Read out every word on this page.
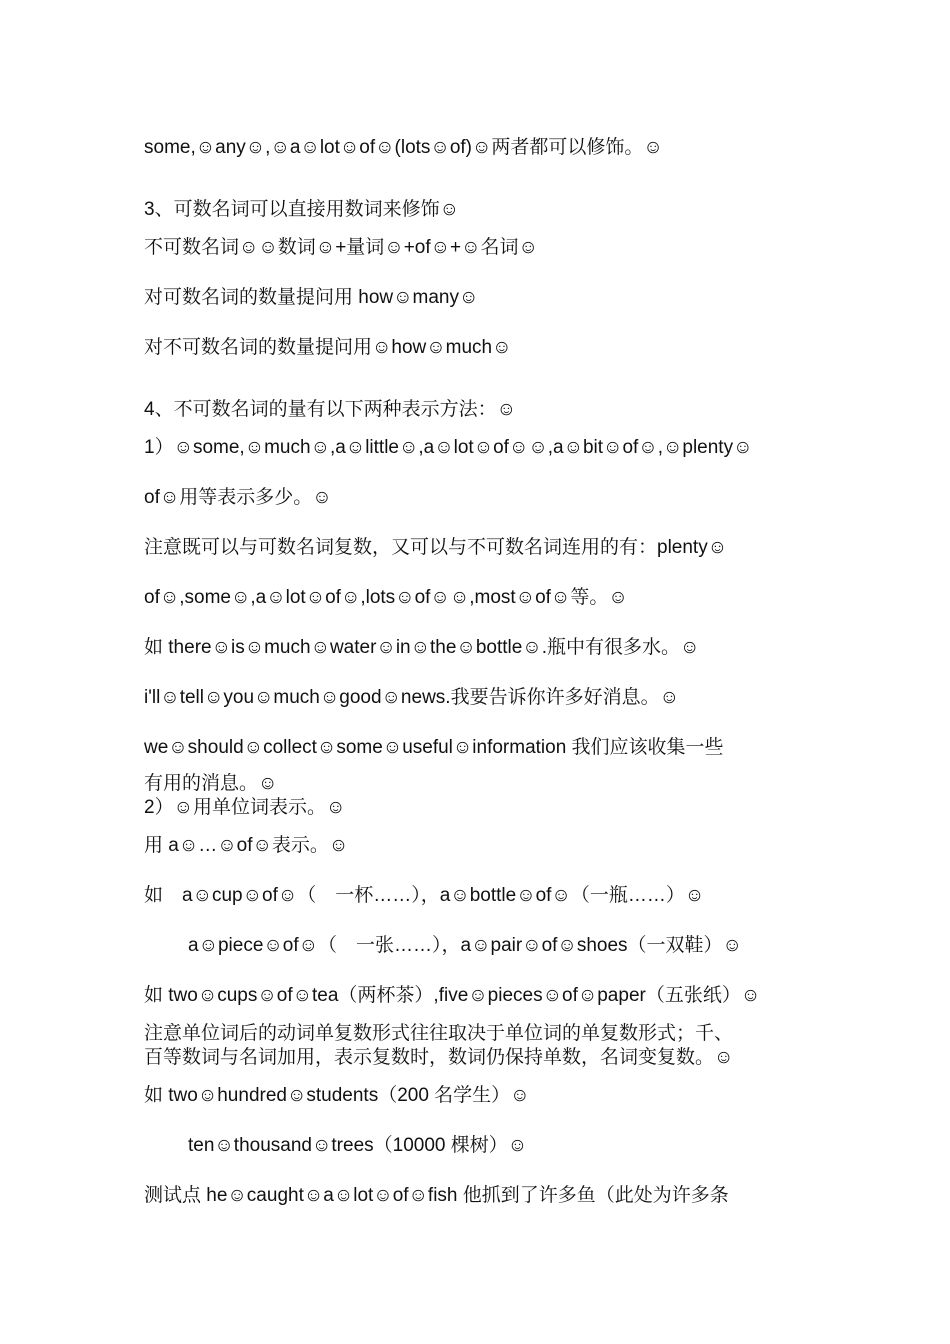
some,☺any☺,☺a☺lot☺of☺(lots☺of)☺两者都可以修饰。☺
3、可数名词可以直接用数词来修饰☺
不可数名词☺☺数词☺+量词☺+of☺+☺名词☺
对可数名词的数量提问用 how☺many☺
对不可数名词的数量提问用☺how☺much☺
4、不可数名词的量有以下两种表示方法：☺
1）☺some,☺much☺,a☺little☺,a☺lot☺of☺☺,a☺bit☺of☺,☺plenty☺
of☺用等表示多少。☺
注意既可以与可数名词复数，又可以与不可数名词连用的有：plenty☺
of☺,some☺,a☺lot☺of☺,lots☺of☺☺,most☺of☺等。☺
如 there☺is☺much☺water☺in☺the☺bottle☺.瓶中有很多水。☺
i'll☺tell☺you☺much☺good☺news.我要告诉你许多好消息。☺
we☺should☺collect☺some☺useful☺information 我们应该收集一些
有用的消息。☺
2）☺用单位词表示。☺
用 a☺…☺of☺表示。☺
如　a☺cup☺of☺（　一杯……），a☺bottle☺of☺（一瓶……）☺
a☺piece☺of☺（　一张……），a☺pair☺of☺shoes（一双鞋）☺
如 two☺cups☺of☺tea（两杯茶）,five☺pieces☺of☺paper（五张纸）☺
注意单位词后的动词单复数形式往往取决于单位词的单复数形式；千、
百等数词与名词加用，表示复数时，数词仍保持单数，名词变复数。☺
如 two☺hundred☺students（200 名学生）☺
ten☺thousand☺trees（10000 棵树）☺
测试点 he☺caught☺a☺lot☺of☺fish 他抓到了许多鱼（此处为许多条
